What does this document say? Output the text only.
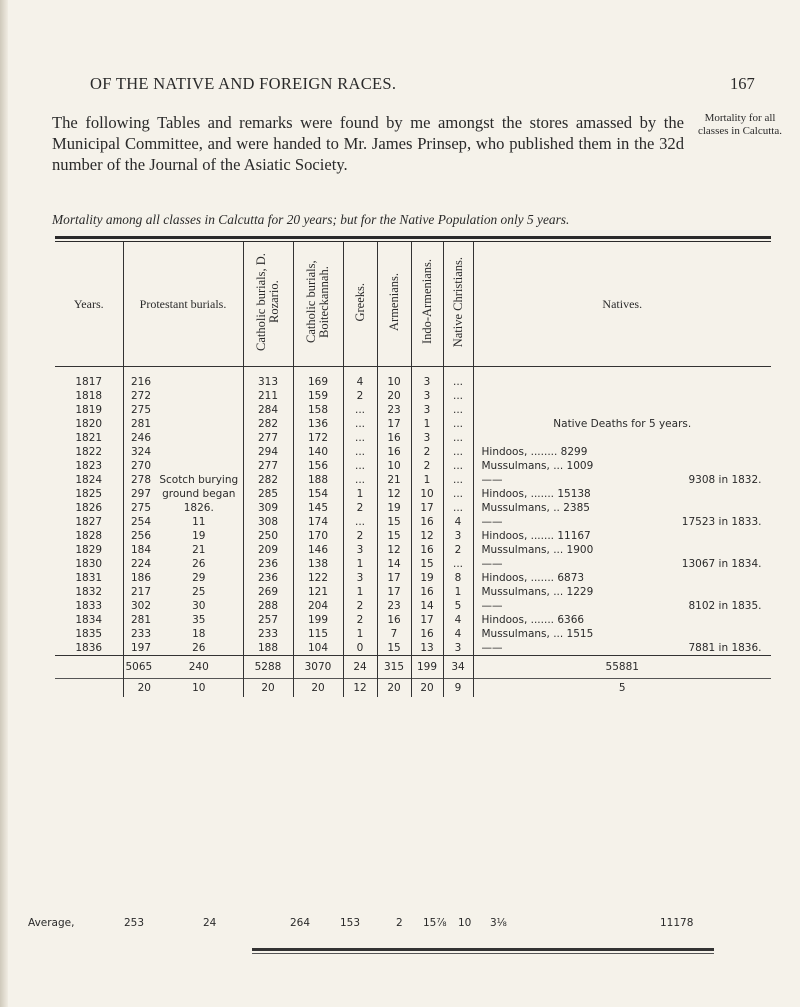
OF THE NATIVE AND FOREIGN RACES.	167
The following Tables and remarks were found by me amongst the stores amassed by the Municipal Committee, and were handed to Mr. James Prinsep, who published them in the 32d number of the Journal of the Asiatic Society.
Mortality for all classes in Calcutta.
Mortality among all classes in Calcutta for 20 years; but for the Native Population only 5 years.
Years.	Protestant burials.		Catholic burials, D. Rozario.	Catholic burials, Boiteckannah.	Greeks.	Armenians.	Indo-Armenians.	Native Christians.	Natives.

1817	216		313	169	4	10	3	...	
1818	272		211	159	2	20	3	...	
1819	275		284	158	...	23	3	...	
1820	281		282	136	...	17	1	...	Native Deaths for 5 years.
1821	246		277	172	...	16	3	...	
1822	324		294	140	...	16	2	...	Hindoos, ........ 8299
1823	270		277	156	...	10	2	...	Mussulmans, ... 1009
1824	278	Scotch burying	282	188	...	21	1	...	—— 9308 in 1832.
1825	297	ground began	285	154	1	12	10	...	Hindoos, ....... 15138
1826	275	1826.	309	145	2	19	17	...	Mussulmans, .. 2385
1827	254	11	308	174	...	15	16	4	—— 17523 in 1833.
1828	256	19	250	170	2	15	12	3	Hindoos, ....... 11167
1829	184	21	209	146	3	12	16	2	Mussulmans, ... 1900
1830	224	26	236	138	1	14	15	...	—— 13067 in 1834.
1831	186	29	236	122	3	17	19	8	Hindoos, ....... 6873
1832	217	25	269	121	1	17	16	1	Mussulmans, ... 1229
1833	302	30	288	204	2	23	14	5	—— 8102 in 1835.
1834	281	35	257	199	2	16	17	4	Hindoos, ....... 6366
1835	233	18	233	115	1	7	16	4	Mussulmans, ... 1515
1836	197	26	188	104	0	15	13	3	—— 7881 in 1836.
	5065	240	5288	3070	24	315	199	34	55881
	20	10	20	20	12	20	20	9	5
Average,	253	24	264	153	2 15⅞ 10 3⅛	11178
